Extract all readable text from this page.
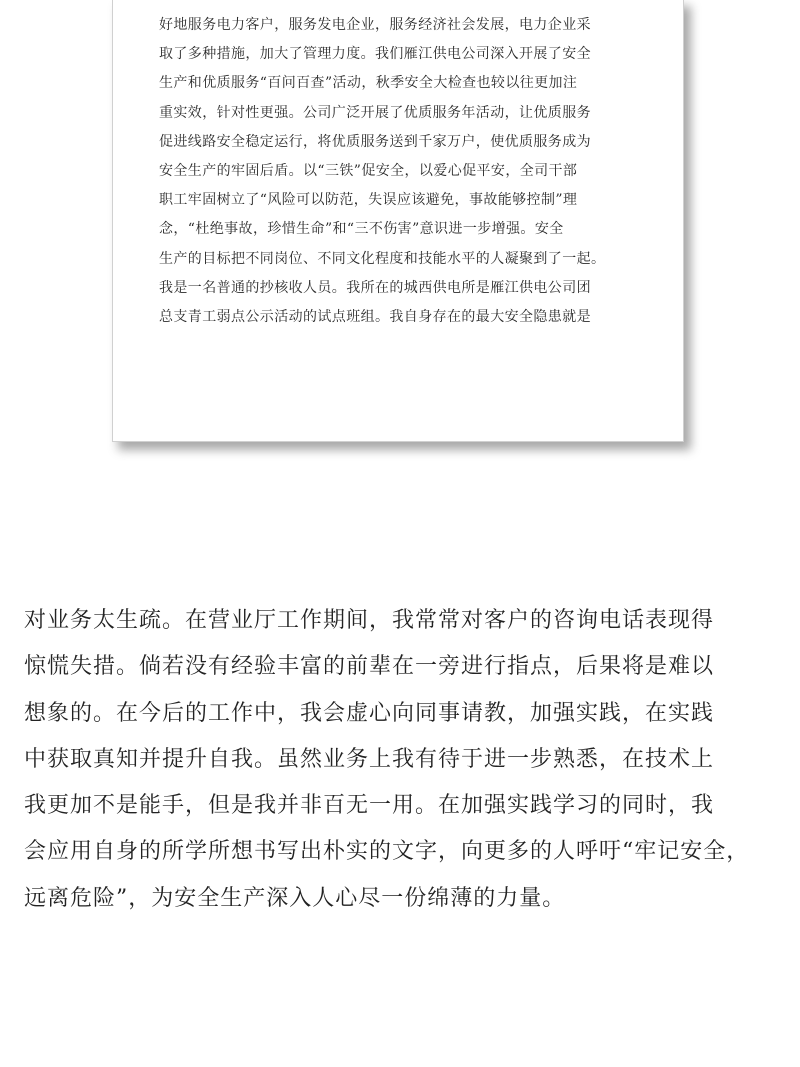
好地服务电力客户，服务发电企业，服务经济社会发展，电力企业采
取了多种措施，加大了管理力度。我们雁江供电公司深入开展了安全
生产和优质服务“百问百查”活动，秋季安全大检查也较以往更加注
重实效，针对性更强。公司广泛开展了优质服务年活动，让优质服务
促进线路安全稳定运行，将优质服务送到千家万户，使优质服务成为
安全生产的牢固后盾。以“三铁”促安全，以爱心促平安，全司干部
职工牢固树立了“风险可以防范，失误应该避免，事故能够控制”理
念，“杜绝事故，珍惜生命”和“三不伤害”意识进一步增强。安全
生产的目标把不同岗位、不同文化程度和技能水平的人凝聚到了一起。
我是一名普通的抄核收人员。我所在的城西供电所是雁江供电公司团
总支青工弱点公示活动的试点班组。我自身存在的最大安全隐患就是
对业务太生疏。在营业厅工作期间，我常常对客户的咨询电话表现得
惊慌失措。倘若没有经验丰富的前辈在一旁进行指点，后果将是难以
想象的。在今后的工作中，我会虚心向同事请教，加强实践，在实践
中获取真知并提升自我。虽然业务上我有待于进一步熟悉，在技术上
我更加不是能手，但是我并非百无一用。在加强实践学习的同时，我
会应用自身的所学所想书写出朴实的文字，向更多的人呼吁“牢记安全，
远离危险”，为安全生产深入人心尽一份绵薄的力量。
